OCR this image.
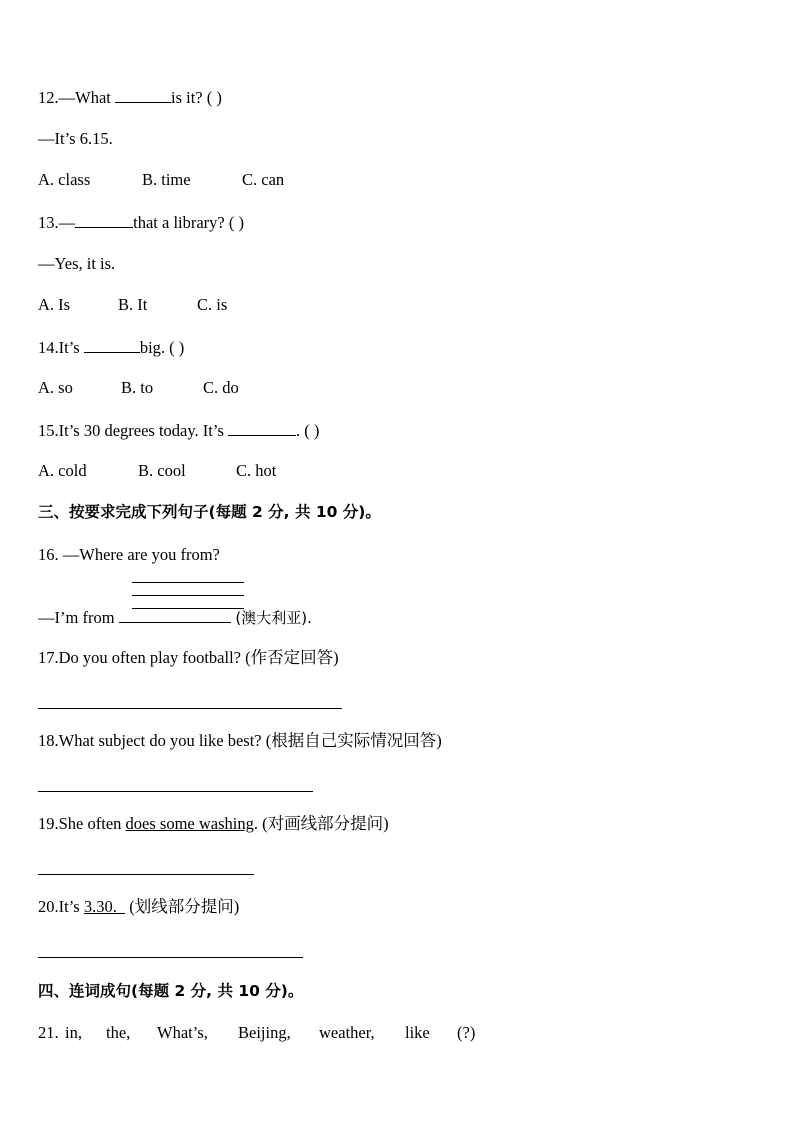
12.—What	is it? ( )
—It’s 6.15.
A. class	B. time	C. can
13.—	that a library? ( )
—Yes, it is.
A. Is	B. It	C. is
14.It’s	big. ( )
A. so	B. to	C. do
15.It’s 30 degrees today. It’s	. ( )
A. cold	B. cool	C. hot
三、按要求完成下列句子(每题 2 分, 共 10 分)。
16. —Where are you from?
—I’m from	(澳大利亚).
17.Do you often play football? (作否定回答)
18.What subject do you like best? (根据自己实际情况回答)
19.She often does some washing. (对画线部分提问)
20.It’s 3.30.   (划线部分提问)
四、连词成句(每题 2 分, 共 10 分)。
21. in, the, What’s, Beijing, weather, like (?)
